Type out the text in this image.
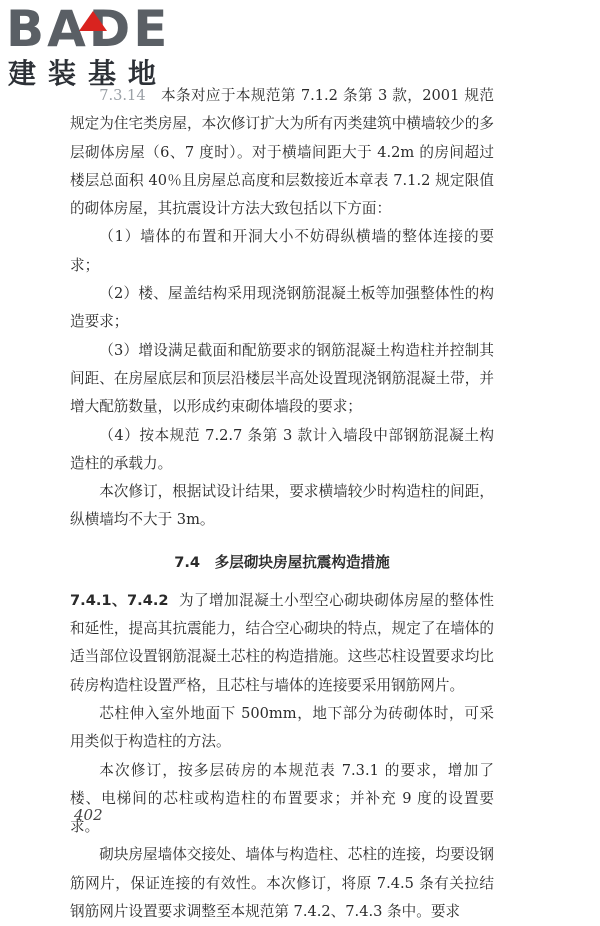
BADE
建装基地

7.3.14　 本条对应于本规范第 7.1.2 条第 3 款，2001 规范规定为住宅类房屋，本次修订扩大为所有丙类建筑中横墙较少的多层砌体房屋（6、7 度时）。对于横墙间距大于 4.2m 的房间超过楼层总面积 40％且房屋总高度和层数接近本章表 7.1.2 规定限值的砌体房屋，其抗震设计方法大致包括以下方面：

（1）墙体的布置和开洞大小不妨碍纵横墙的整体连接的要求；

（2）楼、屋盖结构采用现浇钢筋混凝土板等加强整体性的构造要求；

（3）增设满足截面和配筋要求的钢筋混凝土构造柱并控制其间距、在房屋底层和顶层沿楼层半高处设置现浇钢筋混凝土带，并增大配筋数量，以形成约束砌体墙段的要求；

（4）按本规范 7.2.7 条第 3 款计入墙段中部钢筋混凝土构造柱的承载力。

本次修订，根据试设计结果，要求横墙较少时构造柱的间距，纵横墙均不大于 3m。

7.4　多层砌块房屋抗震构造措施

7.4.1、7.4.2 为了增加混凝土小型空心砌块砌体房屋的整体性和延性，提高其抗震能力，结合空心砌块的特点，规定了在墙体的适当部位设置钢筋混凝土芯柱的构造措施。这些芯柱设置要求均比砖房构造柱设置严格，且芯柱与墙体的连接要采用钢筋网片。

芯柱伸入室外地面下 500mm，地下部分为砖砌体时，可采用类似于构造柱的方法。

本次修订，按多层砖房的本规范表 7.3.1 的要求，增加了楼、电梯间的芯柱或构造柱的布置要求；并补充 9 度的设置要求。

砌块房屋墙体交接处、墙体与构造柱、芯柱的连接，均要设钢筋网片，保证连接的有效性。本次修订，将原 7.4.5 条有关拉结钢筋网片设置要求调整至本规范第 7.4.2、7.4.3 条中。要求

402
